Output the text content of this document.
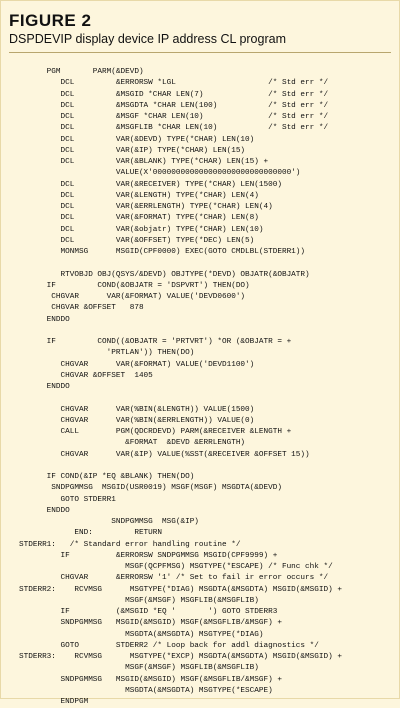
FIGURE 2
DSPDEVIP display device IP address CL program
PGM       PARM(&DEVD)
DCL         &ERRORSW *LGL                    /* Std err */
DCL         &MSGID *CHAR LEN(7)              /* Std err */
DCL         &MSGDTA *CHAR LEN(100)           /* Std err */
DCL         &MSGF *CHAR LEN(10)              /* Std err */
DCL         &MSGFLIB *CHAR LEN(10)           /* Std err */
DCL         VAR(&DEVD) TYPE(*CHAR) LEN(10)
DCL         VAR(&IP) TYPE(*CHAR) LEN(15)
DCL         VAR(&BLANK) TYPE(*CHAR) LEN(15) +
VALUE(X'000000000000000000000000000000')
DCL         VAR(&RECEIVER) TYPE(*CHAR) LEN(1500)
DCL         VAR(&LENGTH) TYPE(*CHAR) LEN(4)
DCL         VAR(&ERRLENGTH) TYPE(*CHAR) LEN(4)
DCL         VAR(&FORMAT) TYPE(*CHAR) LEN(8)
DCL         VAR(&objatr) TYPE(*CHAR) LEN(10)
DCL         VAR(&OFFSET) TYPE(*DEC) LEN(5)
MONMSG      MSGID(CPF0000) EXEC(GOTO CMDLBL(STDERR1))
RTVOBJD OBJ(QSYS/&DEVD) OBJTYPE(*DEVD) OBJATR(&OBJATR)
IF         COND(&OBJATR = 'DSPVRT') THEN(DO)
CHGVAR      VAR(&FORMAT) VALUE('DEVD0600')
CHGVAR &OFFSET   878
ENDDO
IF         COND((&OBJATR = 'PRTVRT') *OR (&OBJATR = +
'PRTLAN')) THEN(DO)
CHGVAR      VAR(&FORMAT) VALUE('DEVD1100')
CHGVAR &OFFSET  1405
ENDDO
CHGVAR      VAR(%BIN(&LENGTH)) VALUE(1500)
CHGVAR      VAR(%BIN(&ERRLENGTH)) VALUE(0)
CALL        PGM(QDCRDEVD) PARM(&RECEIVER &LENGTH +
&FORMAT  &DEVD &ERRLENGTH)
CHGVAR      VAR(&IP) VALUE(%SST(&RECEIVER &OFFSET 15))
IF COND(&IP *EQ &BLANK) THEN(DO)
SNDPGMMSG  MSGID(USR0019) MSGF(MSGF) MSGDTA(&DEVD)
GOTO STDERR1
ENDDO
SNDPGMMSG  MSG(&IP)
END:         RETURN
STDERR1:   /* Standard error handling routine */
IF          &ERRORSW SNDPGMMSG MSGID(CPF9999) +
MSGF(QCPFMSG) MSGTYPE(*ESCAPE) /* Func chk */
CHGVAR      &ERRORSW '1' /* Set to fail ir error occurs */
STDERR2:    RCVMSG      MSGTYPE(*DIAG) MSGDTA(&MSGDTA) MSGID(&MSGID) +
MSGF(&MSGF) MSGFLIB(&MSGFLIB)
IF          (&MSGID *EQ '       ') GOTO STDERR3
SNDPGMMSG   MSGID(&MSGID) MSGF(&MSGFLIB/&MSGF) +
MSGDTA(&MSGDTA) MSGTYPE(*DIAG)
GOTO        STDERR2 /* Loop back for addl diagnostics */
STDERR3:    RCVMSG      MSGTYPE(*EXCP) MSGDTA(&MSGDTA) MSGID(&MSGID) +
MSGF(&MSGF) MSGFLIB(&MSGFLIB)
SNDPGMMSG   MSGID(&MSGID) MSGF(&MSGFLIB/&MSGF) +
MSGDTA(&MSGDTA) MSGTYPE(*ESCAPE)
ENDPGM
